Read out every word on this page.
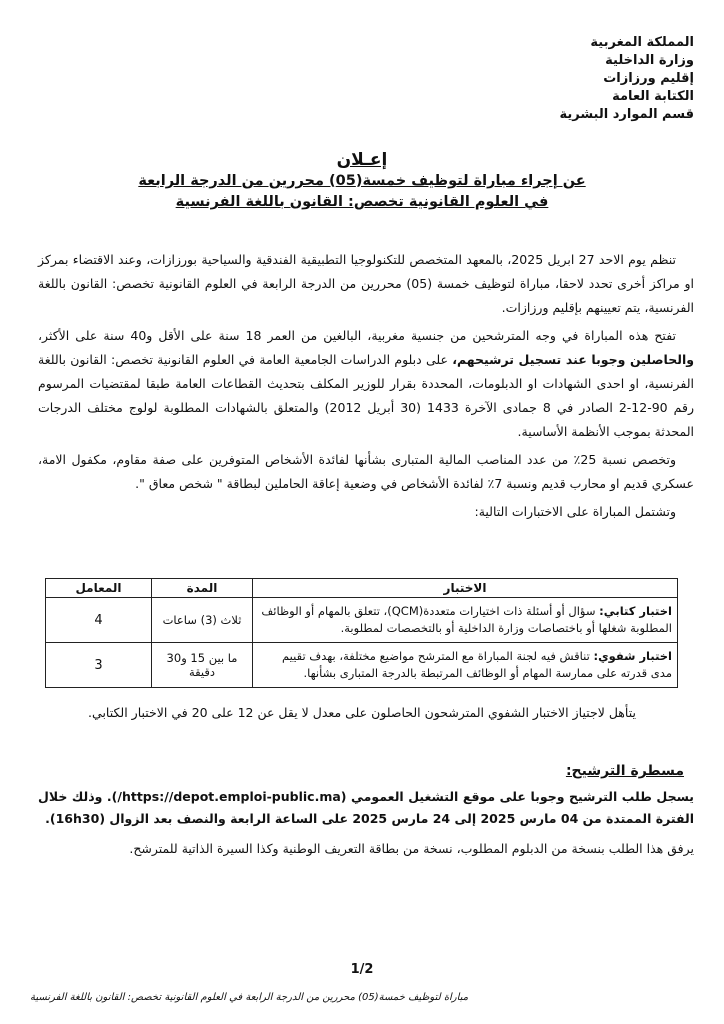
المملكة المغربية
وزارة الداخلية
إقليم ورزازات
الكتابة العامة
قسم الموارد البشرية
إعـلان
عن إجراء مباراة لتوظيف خمسة(05) محررين من الدرجة الرابعة
في العلوم القانونية تخصص: القانون باللغة الفرنسية

تنظم يوم الاحد 27 ابريل 2025، بالمعهد المتخصص للتكنولوجيا التطبيقية الفندقية والسياحية بورزازات، وعند الاقتضاء بمركز او مراكز أخرى تحدد لاحقا، مباراة لتوظيف خمسة (05) محررين من الدرجة الرابعة في العلوم القانونية تخصص: القانون باللغة الفرنسية، يتم تعيينهم بإقليم ورزازات.

تفتح هذه المباراة في وجه المترشحين من جنسية مغربية، البالغين من العمر 18 سنة على الأقل و40 سنة على الأكثر، والحاصلين وجوبا عند تسجيل ترشيحهم، على دبلوم الدراسات الجامعية العامة في العلوم القانونية تخصص: القانون باللغة الفرنسية، او احدى الشهادات او الدبلومات، المحددة بقرار للوزير المكلف بتحديث القطاعات العامة طبقا لمقتضيات المرسوم رقم 90-12-2 الصادر في 8 جمادى الآخرة 1433 (30 أبريل 2012) والمتعلق بالشهادات المطلوبة لولوج مختلف الدرجات المحدثة بموجب الأنظمة الأساسية.

وتخصص نسبة 25٪ من عدد المناصب المالية المتبارى بشأنها لفائدة الأشخاص المتوفرين على صفة مقاوم، مكفول الامة، عسكري قديم او محارب قديم ونسبة 7٪ لفائدة الأشخاص في وضعية إعاقة الحاملين لبطاقة " شخص معاق ".

وتشتمل المباراة على الاختبارات التالية:

الاختبار	المدة	المعامل
اختبار كتابي: سؤال أو أسئلة ذات اختيارات متعددة(QCM)، تتعلق بالمهام أو الوظائف المطلوبة شغلها أو باختصاصات وزارة الداخلية أو بالتخصصات لمطلوبة.	ثلاث (3) ساعات	4
اختبار شفوي: تناقش فيه لجنة المباراة مع المترشح مواضيع مختلفة، بهدف تقييم مدى قدرته على ممارسة المهام أو الوظائف المرتبطة بالدرجة المتبارى بشأنها.	ما بين 15 و30 دقيقة	3
يتأهل لاجتياز الاختبار الشفوي المترشحون الحاصلون على معدل لا يقل عن 12 على 20 في الاختبار الكتابي.
مسطرة الترشيح:

يسجل طلب الترشيح وجوبا على موقع التشغيل العمومي (https://depot.emploi-public.ma/). وذلك خلال الفترة الممتدة من 04 مارس 2025 إلى 24 مارس 2025 على الساعة الرابعة والنصف بعد الزوال (16h30).

يرفق هذا الطلب بنسخة من الدبلوم المطلوب، نسخة من بطاقة التعريف الوطنية وكذا السيرة الذاتية للمترشح.

1/2
مباراة لتوظيف خمسة(05) محررين من الدرجة الرابعة في العلوم القانونية تخصص: القانون باللغة الفرنسية
